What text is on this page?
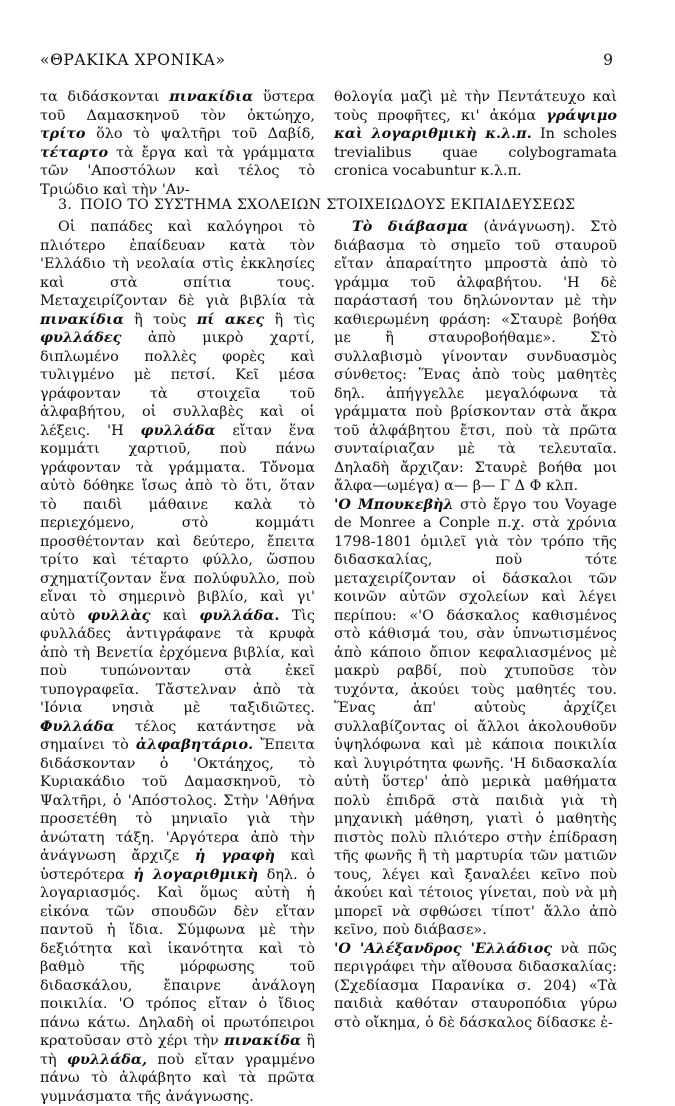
«ΘΡΑΚΙΚΑ ΧΡΟΝΙΚΑ»	9

τα διδάσκονται πινακίδια ὕστερα τοῦ Δαμασκηνοῦ τὸν ὀκτώηχο, τρίτο ὅλο τὸ ψαλτῆρι τοῦ Δαβίδ, τέταρτο τὰ ἔργα καὶ τὰ γράμματα τῶν 'Αποστόλων καὶ τέλος τὸ Τριώδιο καὶ τὴν 'Αν-

θολογία μαζὶ μὲ τὴν Πεντάτευχο καὶ τοὺς προφῆτες, κι' ἀκόμα γράψιμο καὶ λογαριθμικὴ κ.λ.π. In scholes trevialibus quae colybogramata cronica vocabuntur κ.λ.π.

3. ΠΟΙΟ ΤΟ ΣΥΣΤΗΜΑ ΣΧΟΛΕΙΩΝ ΣΤΟΙΧΕΙΩΔΟΥΣ ΕΚΠΑΙΔΕΥΣΕΩΣ

Οἱ παπάδες καὶ καλόγηροι τὸ πλιότερο ἐπαίδευαν κατὰ τὸν 'Ελλάδιο τὴ νεολαία στὶς ἐκκλησίες καὶ στὰ σπίτια τους. Μεταχειρίζονταν δὲ γιὰ βιβλία τὰ πινακίδια ἢ τοὺς πί ακες ἢ τὶς φυλλάδες ἀπὸ μικρὸ χαρτί, διπλωμένο πολλὲς φορὲς καὶ τυλιγμένο μὲ πετσί. Κεῖ μέσα γράφονταν τὰ στοιχεῖα τοῦ ἀλφαβήτου, οἱ συλλαβὲς καὶ οἱ λέξεις. 'Η φυλλάδα εἴταν ἕνα κομμάτι χαρτιοῦ, ποὺ πάνω γράφονταν τὰ γράμματα. Τὄνομα αὐτὸ δόθηκε ἴσως ἀπὸ τὸ ὅτι, ὅταν τὸ παιδὶ μάθαινε καλὰ τὸ περιεχόμενο, στὸ κομμάτι προσθέτονταν καὶ δεύτερο, ἔπειτα τρίτο καὶ τέταρτο φύλλο, ὥσπου σχηματίζονταν ἕνα πολύφυλλο, ποὺ εἴναι τὸ σημερινὸ βιβλίο, καὶ γι' αὐτὸ φυλλὰς καὶ φυλλάδα. Τὶς φυλλάδες ἀντιγράφανε τὰ κρυφὰ ἀπὸ τὴ Βενετία ἐρχόμενα βιβλία, καὶ ποὺ τυπώνονταν στὰ ἐκεῖ τυπογραφεῖα. Τἄστελναν ἀπὸ τὰ 'Ιόνια νησιὰ μὲ ταξιδιῶτες. Φυλλάδα τέλος κατάντησε νὰ σημαίνει τὸ ἀλφαβητάριο. Ἔπειτα διδάσκονταν ὁ 'Οκτάηχος, τὸ Κυριακάδιο τοῦ Δαμασκηνοῦ, τὸ Ψαλτῆρι, ὁ 'Απόστολος. Στὴν 'Αθήνα προσετέθη τὸ μηνιαῖο γιὰ τὴν ἀνώτατη τάξη. 'Αργότερα ἀπὸ τὴν ἀνάγνωση ἄρχιζε ἡ γραφὴ καὶ ὑστερότερα ἡ λογαριθμικὴ δηλ. ὁ λογαριασμός. Καὶ ὅμως αὐτὴ ἡ εἰκόνα τῶν σπουδῶν δὲν εἴταν παντοῦ ἡ ἴδια. Σύμφωνα μὲ τὴν δεξιότητα καὶ ἱκανότητα καὶ τὸ βαθμὸ τῆς μόρφωσης τοῦ διδασκάλου, ἔπαιρνε ἀνάλογη ποικιλία. 'Ο τρόπος εἴταν ὁ ἴδιος πάνω κάτω. Δηλαδὴ οἱ πρωτόπειροι κρατοῦσαν στὸ χέρι τὴν πινακίδα ἢ τὴ φυλλάδα, ποὺ εἴταν γραμμένο πάνω τὸ ἀλφάβητο καὶ τὰ πρῶτα γυμνάσματα τῆς ἀνάγνωσης.

Τὸ διάβασμα (ἀνάγνωση). Στὸ διάβασμα τὸ σημεῖο τοῦ σταυροῦ εἴταν ἀπαραίτητο μπροστὰ ἀπὸ τὸ γράμμα τοῦ ἀλφαβήτου. 'Η δὲ παράστασή του δηλώνονταν μὲ τὴν καθιερωμένη φράση: «Σταυρὲ βοήθα με ἢ σταυροβοήθαμε». Στὸ συλλαβισμὸ γίνονταν συνδυασμὸς σύνθετος: Ἕνας ἀπὸ τοὺς μαθητὲς δηλ. ἀπήγγελλε μεγαλόφωνα τὰ γράμματα ποὺ βρίσκονταν στὰ ἄκρα τοῦ ἀλφάβητου ἔτσι, ποὺ τὰ πρῶτα συνταίριαζαν μὲ τὰ τελευταῖα. Δηλαδὴ ἄρχιζαν: Σταυρὲ βοήθα μοι ἄλφα—ωμέγα) α— β— Γ Δ Φ κλπ.

'Ο Μπουκεβὴλ στὸ ἔργο του Voyage de Monree a Conple π.χ. στὰ χρόνια 1798-1801 ὁμιλεῖ γιὰ τὸν τρόπο τῆς διδασκαλίας, ποὺ τότε μεταχειρίζονταν οἱ δάσκαλοι τῶν κοινῶν αὐτῶν σχολείων καὶ λέγει περίπου: «'Ο δάσκαλος καθισμένος στὸ κάθισμά του, σὰν ὑπνωτισμένος ἀπὸ κάποιο ὄπιον κεφαλιασμένος μὲ μακρὺ ραβδί, ποὺ χτυποῦσε τὸν τυχόντα, ἀκούει τοὺς μαθητές του. Ἕνας ἀπ' αὐτοὺς ἀρχίζει συλλαβίζοντας οἱ ἄλλοι ἀκολουθοῦν ὑψηλόφωνα καὶ μὲ κάποια ποικιλία καὶ λυγιρότητα φωνῆς. 'Η διδασκαλία αὐτὴ ὕστερ' ἀπὸ μερικὰ μαθήματα πολὺ ἐπιδρᾶ στὰ παιδιὰ γιὰ τὴ μηχανικὴ μάθηση, γιατὶ ὁ μαθητὴς πιστὸς πολὺ πλιότερο στὴν ἐπίδραση τῆς φωνῆς ἢ τὴ μαρτυρία τῶν ματιῶν τους, λέγει καὶ ξαναλέει κεῖνο ποὺ ἀκούει καὶ τέτοιος γίνεται, ποὺ νὰ μὴ μπορεῖ νὰ σφθώσει τίποτ' ἄλλο ἀπὸ κεῖνο, ποὺ διάβασε».

'Ο 'Αλέξανδρος 'Ελλάδιος νὰ πῶς περιγράφει τὴν αἴθουσα διδασκαλίας: (Σχεδίασμα Παρανίκα σ. 204) «Τὰ παιδιὰ καθόταν σταυροπόδια γύρω στὸ οἴκημα, ὁ δὲ δάσκαλος δίδασκε ἐ-
